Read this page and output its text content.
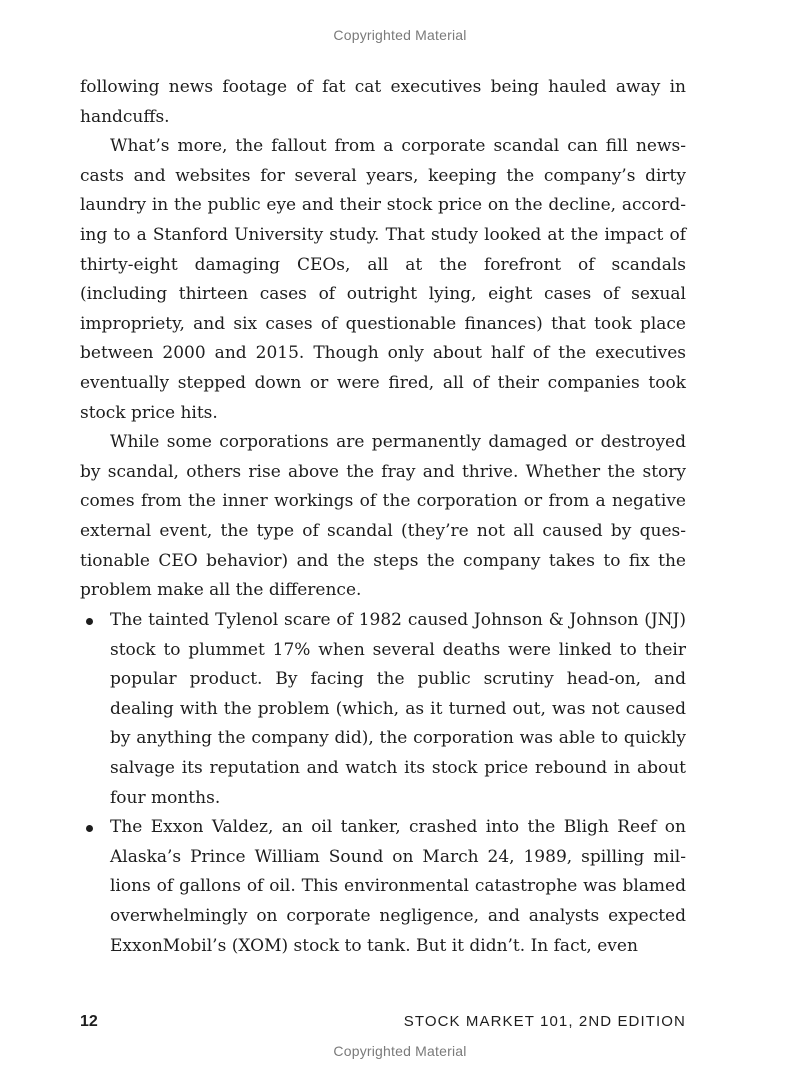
Copyrighted Material

following news footage of fat cat executives being hauled away in handcuffs.

What’s more, the fallout from a corporate scandal can fill newscasts and websites for several years, keeping the company’s dirty laundry in the public eye and their stock price on the decline, according to a Stanford University study. That study looked at the impact of thirty-eight damaging CEOs, all at the forefront of scandals (including thirteen cases of outright lying, eight cases of sexual impropriety, and six cases of questionable finances) that took place between 2000 and 2015. Though only about half of the executives eventually stepped down or were fired, all of their companies took stock price hits.

While some corporations are permanently damaged or destroyed by scandal, others rise above the fray and thrive. Whether the story comes from the inner workings of the corporation or from a negative external event, the type of scandal (they’re not all caused by questionable CEO behavior) and the steps the company takes to fix the problem make all the difference.

The tainted Tylenol scare of 1982 caused Johnson & Johnson (JNJ) stock to plummet 17% when several deaths were linked to their popular product. By facing the public scrutiny head-on, and dealing with the problem (which, as it turned out, was not caused by anything the company did), the corporation was able to quickly salvage its reputation and watch its stock price rebound in about four months.
The Exxon Valdez, an oil tanker, crashed into the Bligh Reef on Alaska’s Prince William Sound on March 24, 1989, spilling millions of gallons of oil. This environmental catastrophe was blamed overwhelmingly on corporate negligence, and analysts expected ExxonMobil’s (XOM) stock to tank. But it didn’t. In fact, even
12	STOCK MARKET 101, 2ND EDITION
Copyrighted Material
